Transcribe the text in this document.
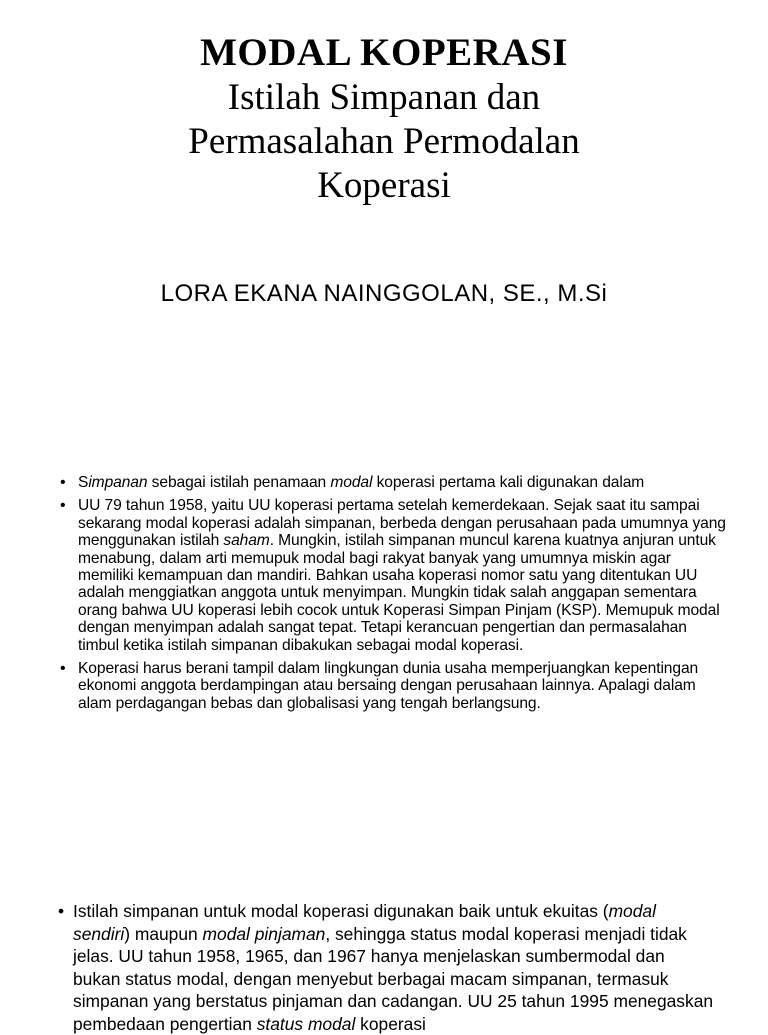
MODAL KOPERASI
Istilah Simpanan dan
Permasalahan Permodalan
Koperasi
LORA EKANA NAINGGOLAN, SE., M.Si
• Simpanan sebagai istilah penamaan modal koperasi pertama kali digunakan dalam
• UU 79 tahun 1958, yaitu UU koperasi pertama setelah kemerdekaan. Sejak saat itu sampai sekarang modal koperasi adalah simpanan, berbeda dengan perusahaan pada umumnya yang menggunakan istilah saham. Mungkin, istilah simpanan muncul karena kuatnya anjuran untuk menabung, dalam arti memupuk modal bagi rakyat banyak yang umumnya miskin agar memiliki kemampuan dan mandiri. Bahkan usaha koperasi nomor satu yang ditentukan UU adalah menggiatkan anggota untuk menyimpan. Mungkin tidak salah anggapan sementara orang bahwa UU koperasi lebih cocok untuk Koperasi Simpan Pinjam (KSP). Memupuk modal dengan menyimpan adalah sangat tepat. Tetapi kerancuan pengertian dan permasalahan timbul ketika istilah simpanan dibakukan sebagai modal koperasi.
• Koperasi harus berani tampil dalam lingkungan dunia usaha memperjuangkan kepentingan ekonomi anggota berdampingan atau bersaing dengan perusahaan lainnya. Apalagi dalam alam perdagangan bebas dan globalisasi yang tengah berlangsung.
• Istilah simpanan untuk modal koperasi digunakan baik untuk ekuitas (modal sendiri) maupun modal pinjaman, sehingga status modal koperasi menjadi tidak jelas. UU tahun 1958, 1965, dan 1967 hanya menjelaskan sumbermodal dan bukan status modal, dengan menyebut berbagai macam simpanan, termasuk simpanan yang berstatus pinjaman dan cadangan. UU 25 tahun 1995 menegaskan pembedaan pengertian status modal koperasi
